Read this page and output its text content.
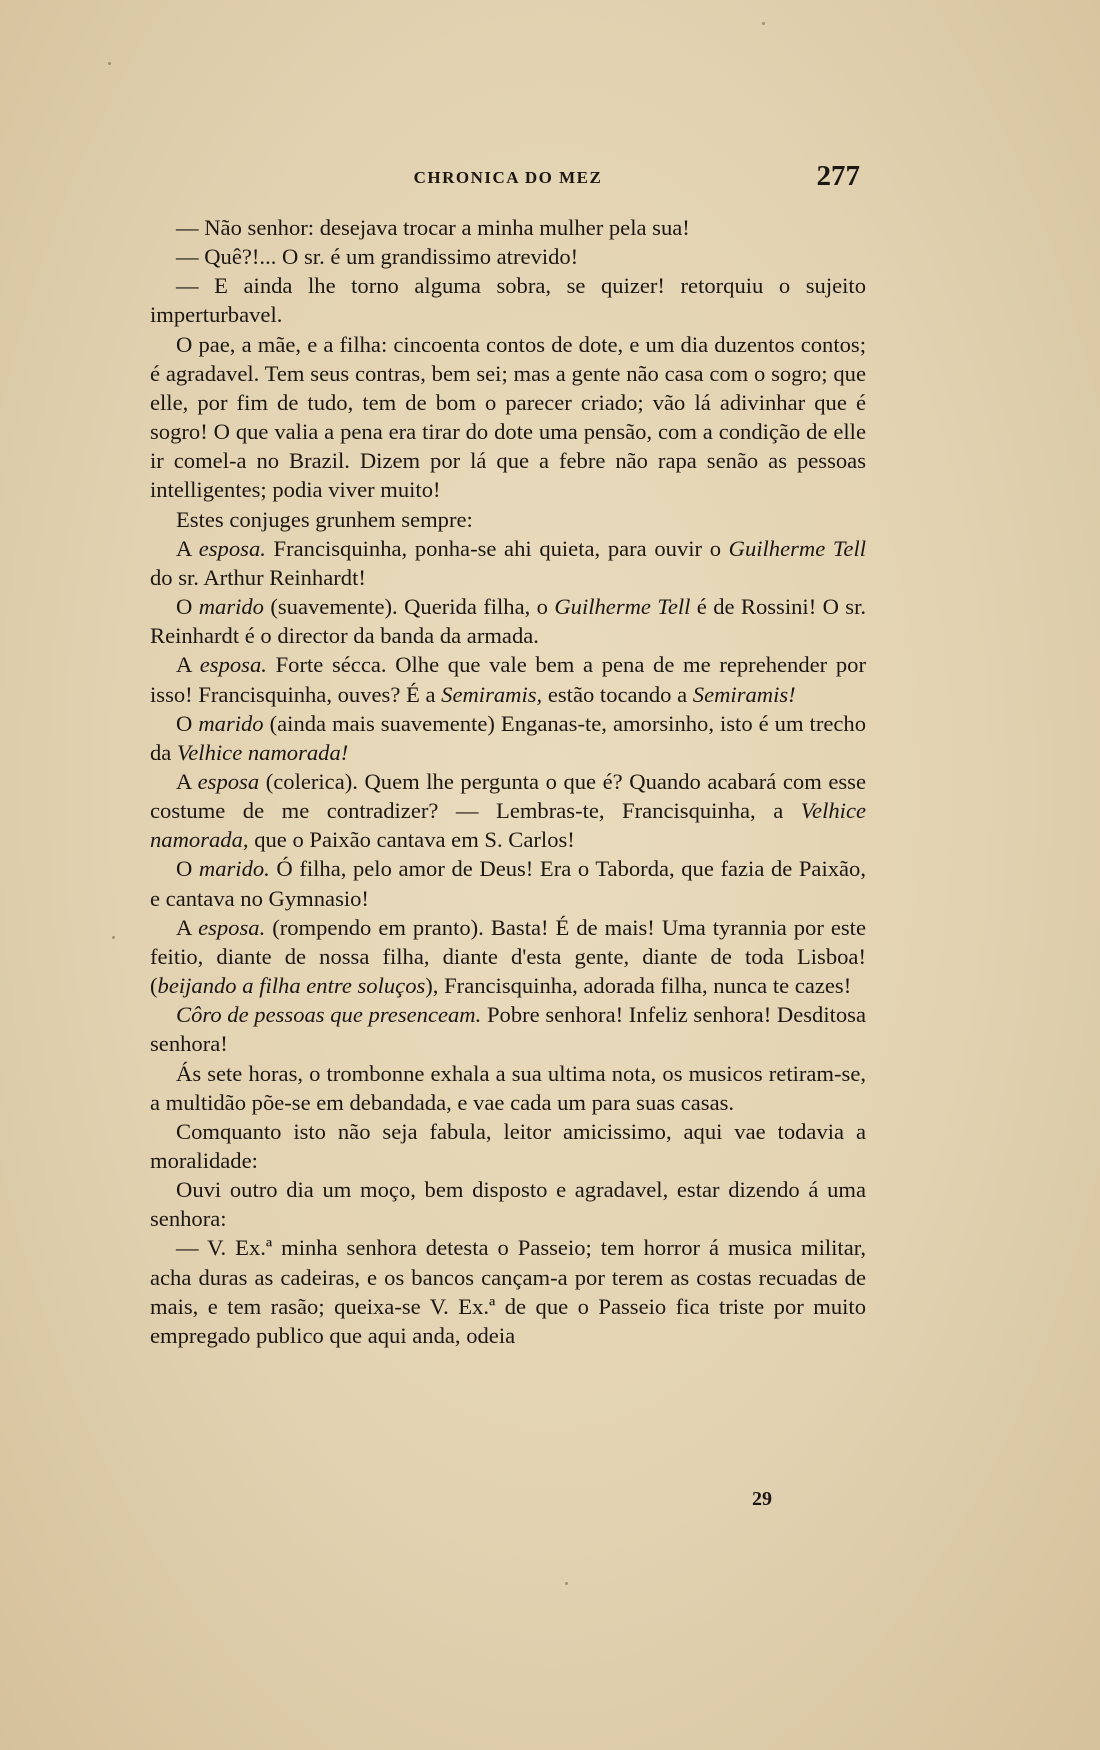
CHRONICA DO MEZ	277

— Não senhor: desejava trocar a minha mulher pela sua!

— Quê?!... O sr. é um grandissimo atrevido!

— E ainda lhe torno alguma sobra, se quizer! retorquiu o sujeito imperturbavel.

O pae, a mãe, e a filha: cincoenta contos de dote, e um dia duzentos contos; é agradavel. Tem seus contras, bem sei; mas a gente não casa com o sogro; que elle, por fim de tudo, tem de bom o parecer criado; vão lá adivinhar que é sogro! O que valia a pena era tirar do dote uma pensão, com a condição de elle ir comel-a no Brazil. Dizem por lá que a febre não rapa senão as pessoas intelligentes; podia viver muito!

Estes conjuges grunhem sempre:

A esposa. Francisquinha, ponha-se ahi quieta, para ouvir o Guilherme Tell do sr. Arthur Reinhardt!

O marido (suavemente). Querida filha, o Guilherme Tell é de Rossini! O sr. Reinhardt é o director da banda da armada.

A esposa. Forte sécca. Olhe que vale bem a pena de me reprehender por isso! Francisquinha, ouves? É a Semiramis, estão tocando a Semiramis!

O marido (ainda mais suavemente) Enganas-te, amorsinho, isto é um trecho da Velhice namorada!

A esposa (colerica). Quem lhe pergunta o que é? Quando acabará com esse costume de me contradizer? — Lembras-te, Francisquinha, a Velhice namorada, que o Paixão cantava em S. Carlos!

O marido. Ó filha, pelo amor de Deus! Era o Taborda, que fazia de Paixão, e cantava no Gymnasio!

A esposa. (rompendo em pranto). Basta! É de mais! Uma tyrannia por este feitio, diante de nossa filha, diante d'esta gente, diante de toda Lisboa! (beijando a filha entre soluços), Francisquinha, adorada filha, nunca te cazes!

Côro de pessoas que presenceam. Pobre senhora! Infeliz senhora! Desditosa senhora!

Ás sete horas, o trombonne exhala a sua ultima nota, os musicos retiram-se, a multidão põe-se em debandada, e vae cada um para suas casas.

Comquanto isto não seja fabula, leitor amicissimo, aqui vae todavia a moralidade:

Ouvi outro dia um moço, bem disposto e agradavel, estar dizendo á uma senhora:

— V. Ex.ª minha senhora detesta o Passeio; tem horror á musica militar, acha duras as cadeiras, e os bancos cançam-a por terem as costas recuadas de mais, e tem rasão; queixa-se V. Ex.ª de que o Passeio fica triste por muito empregado publico que aqui anda, odeia

29
